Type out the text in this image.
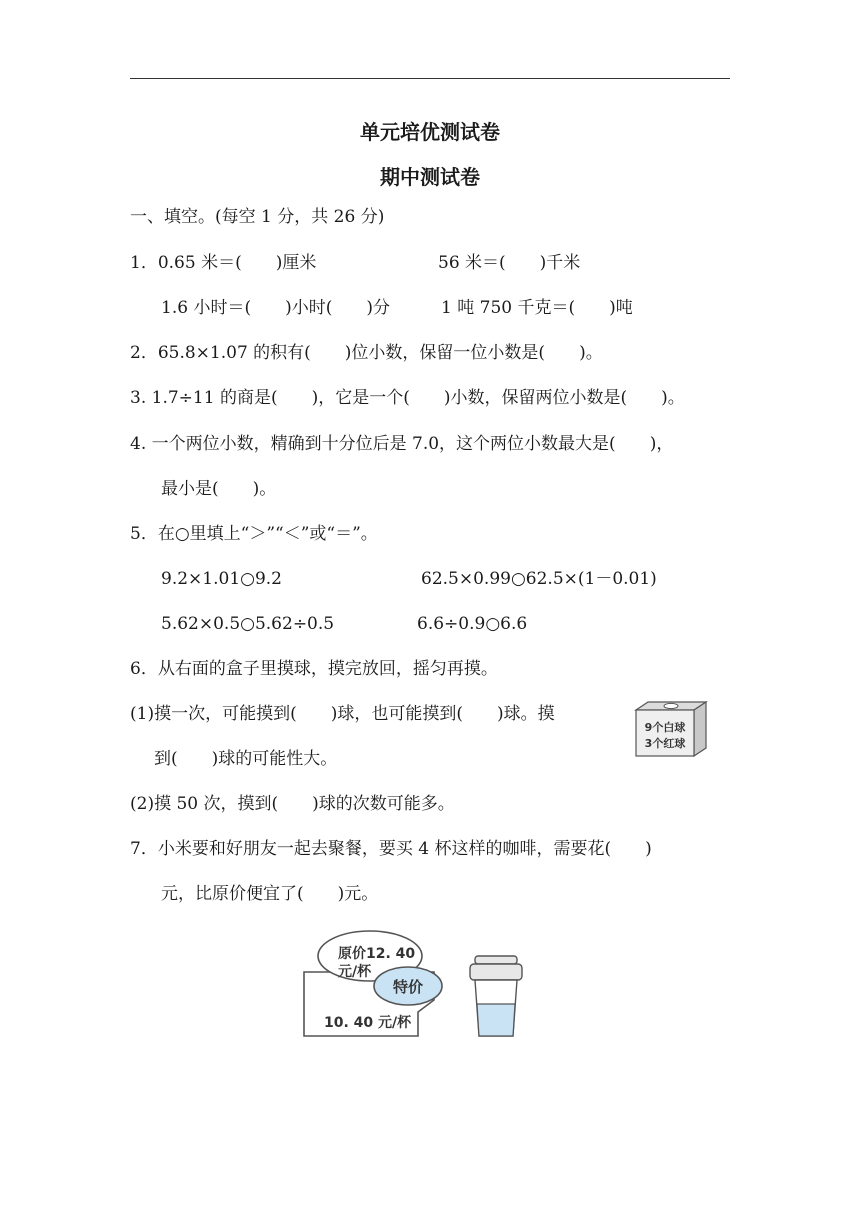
单元培优测试卷
期中测试卷
一、填空。(每空 1 分，共 26 分)
1．0.65 米＝(　　)厘米	56 米＝(　　)千米
1.6 小时＝(　　)小时(　　)分	1 吨 750 千克＝(　　)吨
2．65.8×1.07 的积有(　　)位小数，保留一位小数是(　　)。
3. 1.7÷11 的商是(　　)，它是一个(　　)小数，保留两位小数是(　　)。
4. 一个两位小数，精确到十分位后是 7.0，这个两位小数最大是(　　)，
最小是(　　)。
5．在○里填上“＞”“＜”或“＝”。
9.2×1.01○9.2	62.5×0.99○62.5×(1－0.01)
5.62×0.5○5.62÷0.5	6.6÷0.9○6.6
6．从右面的盒子里摸球，摸完放回，摇匀再摸。
(1)摸一次，可能摸到(　　)球，也可能摸到(　　)球。摸
到(　　)球的可能性大。
(2)摸 50 次，摸到(　　)球的次数可能多。
9个白球
3个红球
7．小米要和好朋友一起去聚餐，要买 4 杯这样的咖啡，需要花(　　)
元，比原价便宜了(　　)元。
原价12. 40
元/杯
特价
10. 40 元/杯
